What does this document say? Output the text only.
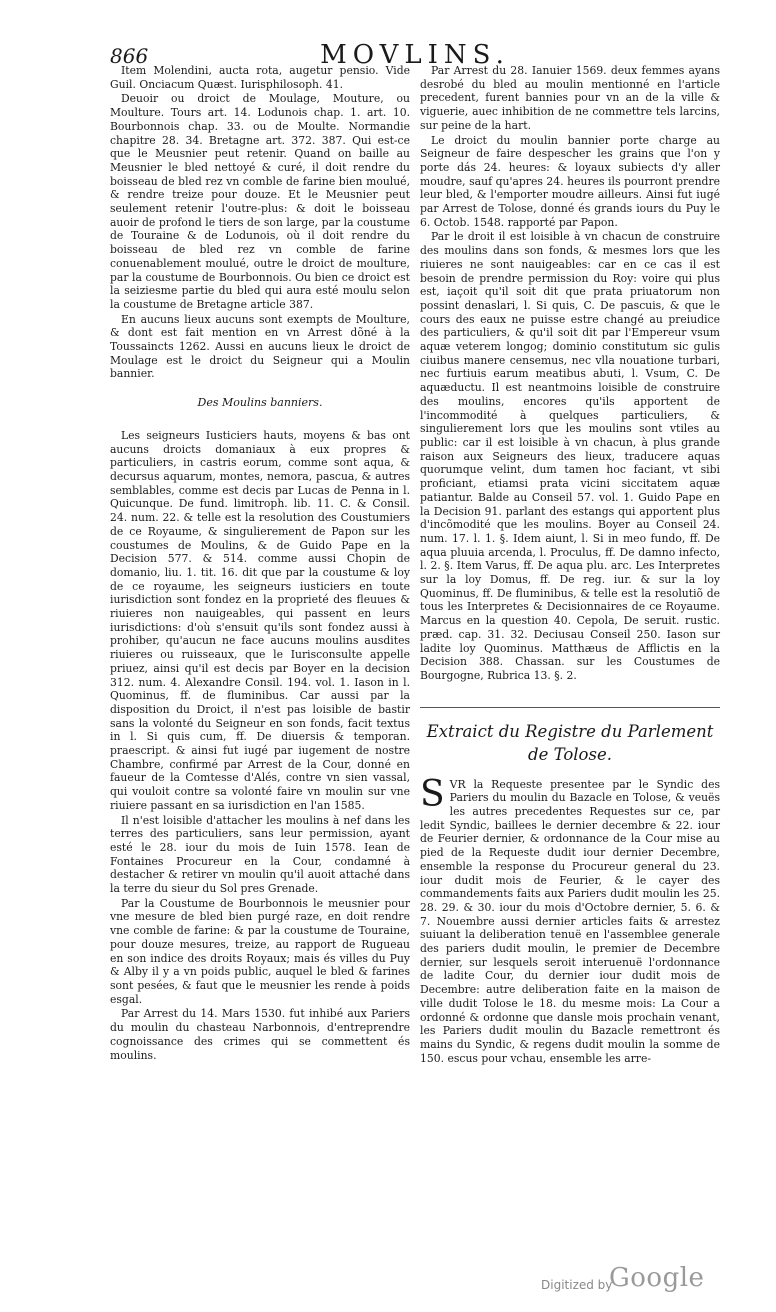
866	MOVLINS.

Item Molendini, aucta rota, augetur pensio. Vide Guil. Onciacum Quæst. Iurisphilosoph. 41.

Deuoir ou droict de Moulage, Mouture, ou Moulture. Tours art. 14. Lodunois chap. 1. art. 10. Bourbonnois chap. 33. ou de Moulte. Normandie chapitre 28. 34. Bretagne art. 372. 387. Qui est-ce que le Meusnier peut retenir. Quand on baille au Meusnier le bled nettoyé & curé, il doit rendre du boisseau de bled rez vn comble de farine bien moulué, & rendre treize pour douze. Et le Meusnier peut seulement retenir l'outre-plus: & doit le boisseau auoir de profond le tiers de son large, par la coustume de Touraine & de Lodunois, où il doit rendre du boisseau de bled rez vn comble de farine conuenablement moulué, outre le droict de moulture, par la coustume de Bourbonnois. Ou bien ce droict est la seiziesme partie du bled qui aura esté moulu selon la coustume de Bretagne article 387.

En aucuns lieux aucuns sont exempts de Moulture, & dont est fait mention en vn Arrest dõné à la Toussaincts 1262. Aussi en aucuns lieux le droict de Moulage est le droict du Seigneur qui a Moulin bannier.

Des Moulins banniers.

Les seigneurs Iusticiers hauts, moyens & bas ont aucuns droicts domaniaux à eux propres & particuliers, in castris eorum, comme sont aqua, & decursus aquarum, montes, nemora, pascua, & autres semblables, comme est decis par Lucas de Penna in l. Quicunque. De fund. limitroph. lib. 11. C. & Consil. 24. num. 22. & telle est la resolution des Coustumiers de ce Royaume, & singulierement de Papon sur les coustumes de Moulins, & de Guido Pape en la Decision 577. & 514. comme aussi Chopin de domanio, liu. 1. tit. 16. dit que par la coustume & loy de ce royaume, les seigneurs iusticiers en toute iurisdiction sont fondez en la proprieté des fleuues & riuieres non nauigeables, qui passent en leurs iurisdictions: d'où s'ensuit qu'ils sont fondez aussi à prohiber, qu'aucun ne face aucuns moulins ausdites riuieres ou ruisseaux, que le Iurisconsulte appelle priuez, ainsi qu'il est decis par Boyer en la decision 312. num. 4. Alexandre Consil. 194. vol. 1. Iason in l. Quominus, ff. de fluminibus. Car aussi par la disposition du Droict, il n'est pas loisible de bastir sans la volonté du Seigneur en son fonds, facit textus in l. Si quis cum, ff. De diuersis & temporan. praescript. & ainsi fut iugé par iugement de nostre Chambre, confirmé par Arrest de la Cour, donné en faueur de la Comtesse d'Alés, contre vn sien vassal, qui vouloit contre sa volonté faire vn moulin sur vne riuiere passant en sa iurisdiction en l'an 1585.

Il n'est loisible d'attacher les moulins à nef dans les terres des particuliers, sans leur permission, ayant esté le 28. iour du mois de Iuin 1578. Iean de Fontaines Procureur en la Cour, condamné à destacher & retirer vn moulin qu'il auoit attaché dans la terre du sieur du Sol pres Grenade.

Par la Coustume de Bourbonnois le meusnier pour vne mesure de bled bien purgé raze, en doit rendre vne comble de farine: & par la coustume de Touraine, pour douze mesures, treize, au rapport de Rugueau en son indice des droits Royaux; mais és villes du Puy & Alby il y a vn poids public, auquel le bled & farines sont pesées, & faut que le meusnier les rende à poids esgal.

Par Arrest du 14. Mars 1530. fut inhibé aux Pariers du moulin du chasteau Narbonnois, d'entreprendre cognoissance des crimes qui se commettent és moulins.

Par Arrest du 28. Ianuier 1569. deux femmes ayans desrobé du bled au moulin mentionné en l'article precedent, furent bannies pour vn an de la ville & viguerie, auec inhibition de ne commettre tels larcins, sur peine de la hart.

Le droict du moulin bannier porte charge au Seigneur de faire despescher les grains que l'on y porte dás 24. heures: & loyaux subiects d'y aller moudre, sauf qu'apres 24. heures ils pourront prendre leur bled, & l'emporter moudre ailleurs. Ainsi fut iugé par Arrest de Tolose, donné és grands iours du Puy le 6. Octob. 1548. rapporté par Papon.

Par le droit il est loisible à vn chacun de construire des moulins dans son fonds, & mesmes lors que les riuieres ne sont nauigeables: car en ce cas il est besoin de prendre permission du Roy: voire qui plus est, iaçoit qu'il soit dit que prata priuatorum non possint denaslari, l. Si quis, C. De pascuis, & que le cours des eaux ne puisse estre changé au preiudice des particuliers, & qu'il soit dit par l'Empereur vsum aquæ veterem longog; dominio constitutum sic gulis ciuibus manere censemus, nec vlla nouatione turbari, nec furtiuis earum meatibus abuti, l. Vsum, C. De aquæductu. Il est neantmoins loisible de construire des moulins, encores qu'ils apportent de l'incommodité à quelques particuliers, & singulierement lors que les moulins sont vtiles au public: car il est loisible à vn chacun, à plus grande raison aux Seigneurs des lieux, traducere aquas quorumque velint, dum tamen hoc faciant, vt sibi proficiant, etiamsi prata vicini siccitatem aquæ patiantur. Balde au Conseil 57. vol. 1. Guido Pape en la Decision 91. parlant des estangs qui apportent plus d'incõmodité que les moulins. Boyer au Conseil 24. num. 17. l. 1. §. Idem aiunt, l. Si in meo fundo, ff. De aqua pluuia arcenda, l. Proculus, ff. De damno infecto, l. 2. §. Item Varus, ff. De aqua plu. arc. Les Interpretes sur la loy Domus, ff. De reg. iur. & sur la loy Quominus, ff. De fluminibus, & telle est la resolutiõ de tous les Interpretes & Decisionnaires de ce Royaume. Marcus en la question 40. Cepola, De seruit. rustic. præd. cap. 31. 32. Deciusau Conseil 250. Iason sur ladite loy Quominus. Matthæus de Afflictis en la Decision 388. Chassan. sur les Coustumes de Bourgogne, Rubrica 13. §. 2.

Extraict du Registre du Parlement de Tolose.

SVR la Requeste presentee par le Syndic des Pariers du moulin du Bazacle en Tolose, & veuës les autres precedentes Requestes sur ce, par ledit Syndic, baillees le dernier decembre & 22. iour de Feurier dernier, & ordonnance de la Cour mise au pied de la Requeste dudit iour dernier Decembre, ensemble la response du Procureur general du 23. iour dudit mois de Feurier, & le cayer des commandements faits aux Pariers dudit moulin les 25. 28. 29. & 30. iour du mois d'Octobre dernier, 5. 6. & 7. Nouembre aussi dernier articles faits & arrestez suiuant la deliberation tenuë en l'assemblee generale des pariers dudit moulin, le premier de Decembre dernier, sur lesquels seroit interuenuë l'ordonnance de ladite Cour, du dernier iour dudit mois de Decembre: autre deliberation faite en la maison de ville dudit Tolose le 18. du mesme mois: La Cour a ordonné & ordonne que dansle mois prochain venant, les Pariers dudit moulin du Bazacle remettront és mains du Syndic, & regens dudit moulin la somme de 150. escus pour vchau, ensemble les arre-

Digitized by
Google
